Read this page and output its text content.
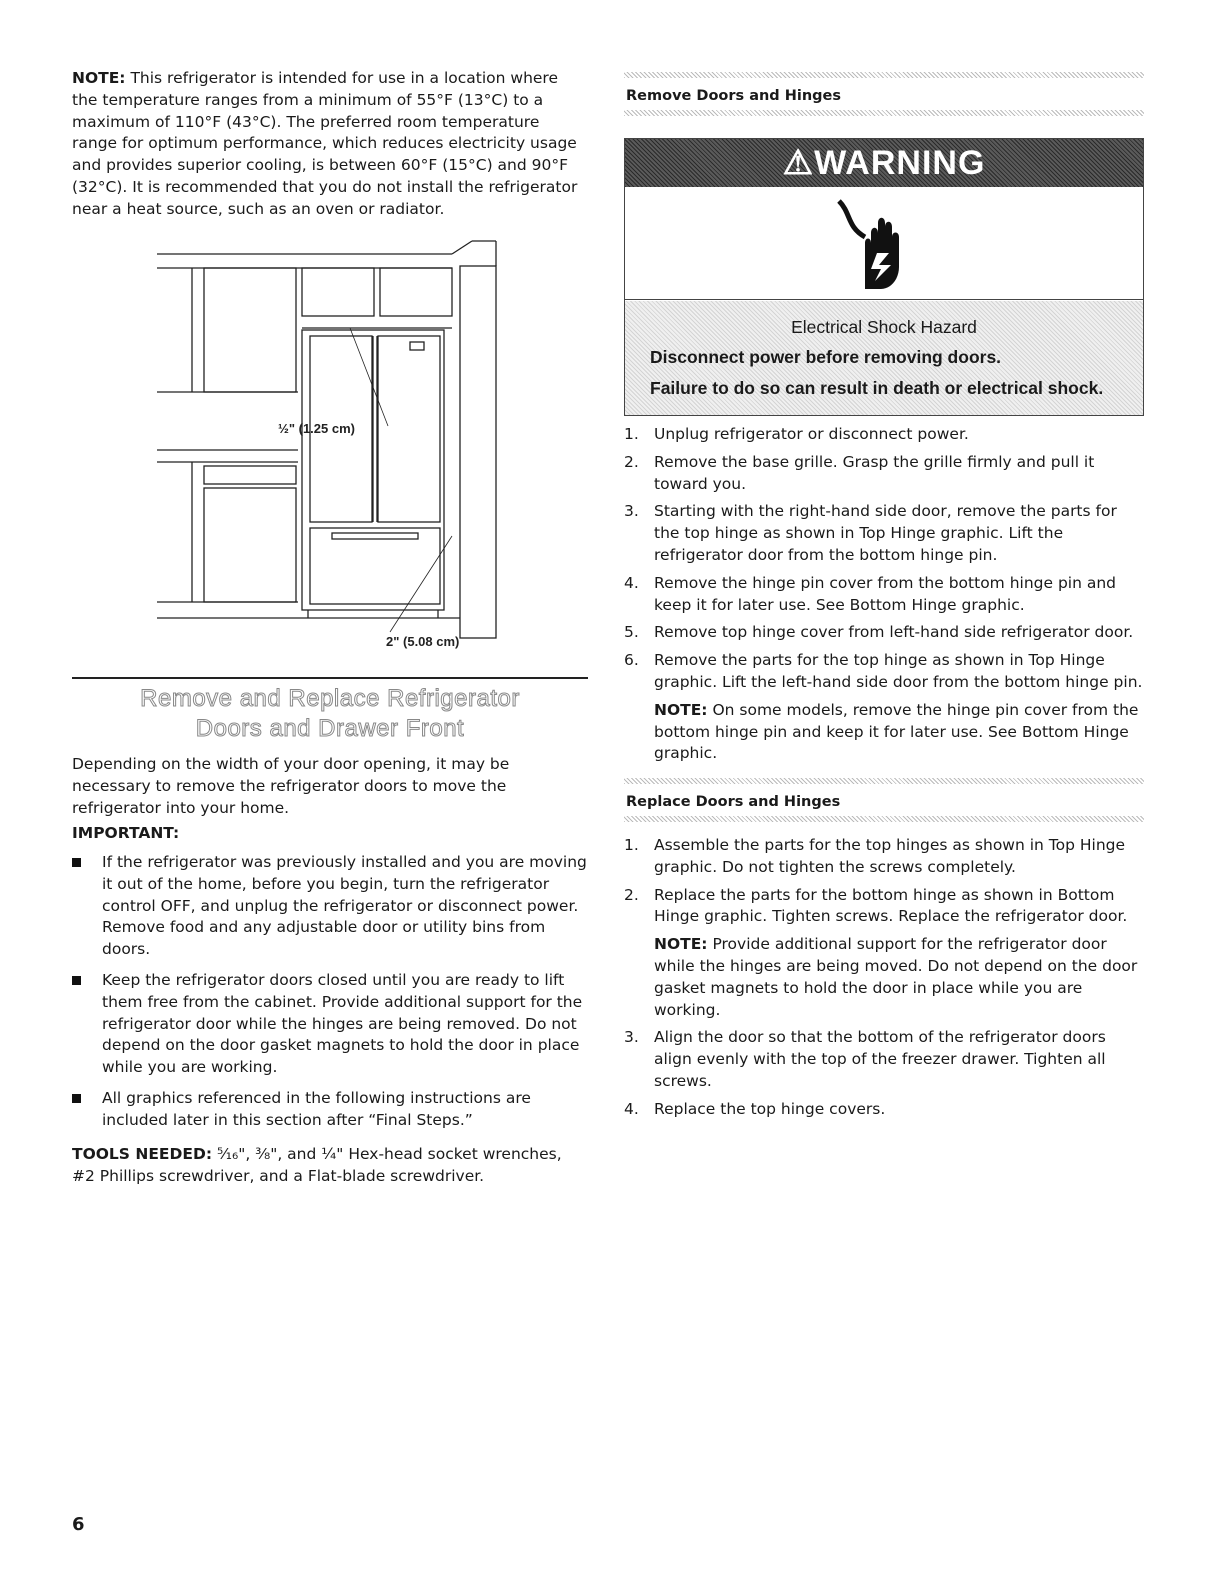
NOTE: This refrigerator is intended for use in a location where the temperature ranges from a minimum of 55°F (13°C) to a maximum of 110°F (43°C). The preferred room temperature range for optimum performance, which reduces electricity usage and provides superior cooling, is between 60°F (15°C) and 90°F (32°C). It is recommended that you do not install the refrigerator near a heat source, such as an oven or radiator.

½" (1.25 cm)
2" (5.08 cm)
Remove and Replace Refrigerator
Doors and Drawer Front

Depending on the width of your door opening, it may be necessary to remove the refrigerator doors to move the refrigerator into your home.

IMPORTANT:
If the refrigerator was previously installed and you are moving it out of the home, before you begin, turn the refrigerator control OFF, and unplug the refrigerator or disconnect power. Remove food and any adjustable door or utility bins from doors.
Keep the refrigerator doors closed until you are ready to lift them free from the cabinet. Provide additional support for the refrigerator door while the hinges are being removed. Do not depend on the door gasket magnets to hold the door in place while you are working.
All graphics referenced in the following instructions are included later in this section after “Final Steps.”

TOOLS NEEDED: ⁵⁄₁₆", ³⁄₈", and ¼" Hex-head socket wrenches, #2 Phillips screwdriver, and a Flat-blade screwdriver.

Remove Doors and Hinges
⚠WARNING
Electrical Shock Hazard
Disconnect power before removing doors.
Failure to do so can result in death or electrical shock.
1. Unplug refrigerator or disconnect power.
2. Remove the base grille. Grasp the grille firmly and pull it toward you.
3. Starting with the right-hand side door, remove the parts for the top hinge as shown in Top Hinge graphic. Lift the refrigerator door from the bottom hinge pin.
4. Remove the hinge pin cover from the bottom hinge pin and keep it for later use. See Bottom Hinge graphic.
5. Remove top hinge cover from left-hand side refrigerator door.
6. Remove the parts for the top hinge as shown in Top Hinge graphic. Lift the left-hand side door from the bottom hinge pin.
NOTE: On some models, remove the hinge pin cover from the bottom hinge pin and keep it for later use. See Bottom Hinge graphic.
Replace Doors and Hinges
1. Assemble the parts for the top hinges as shown in Top Hinge graphic. Do not tighten the screws completely.
2. Replace the parts for the bottom hinge as shown in Bottom Hinge graphic. Tighten screws. Replace the refrigerator door.
NOTE: Provide additional support for the refrigerator door while the hinges are being moved. Do not depend on the door gasket magnets to hold the door in place while you are working.
3. Align the door so that the bottom of the refrigerator doors align evenly with the top of the freezer drawer. Tighten all screws.
4. Replace the top hinge covers.
6
